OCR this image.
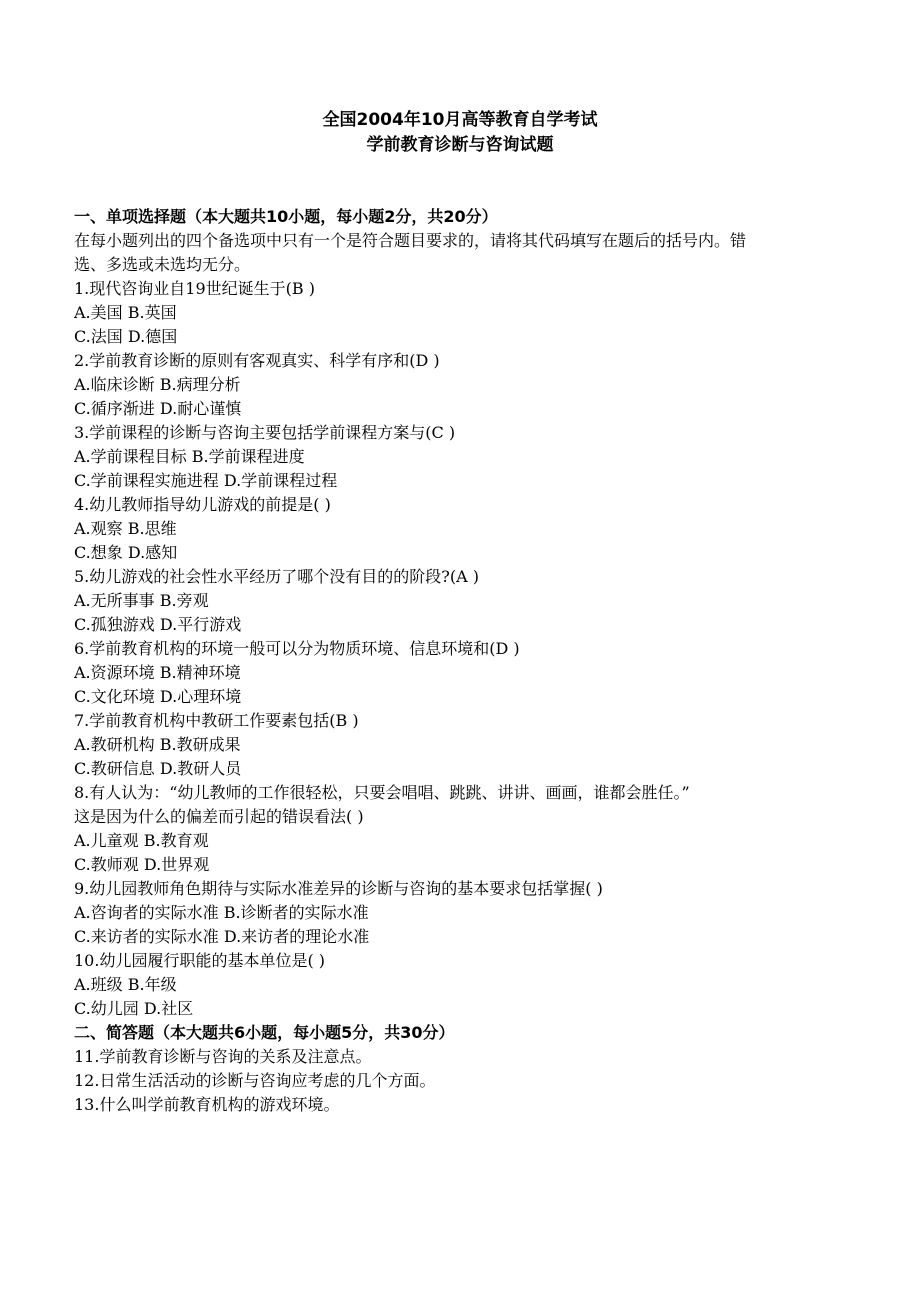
全国2004年10月高等教育自学考试
学前教育诊断与咨询试题
一、单项选择题（本大题共10小题，每小题2分，共20分）
在每小题列出的四个备选项中只有一个是符合题目要求的，请将其代码填写在题后的括号内。错
选、多选或未选均无分。
1.现代咨询业自19世纪诞生于(B )
A.美国 B.英国
C.法国 D.德国
2.学前教育诊断的原则有客观真实、科学有序和(D )
A.临床诊断 B.病理分析
C.循序渐进 D.耐心谨慎
3.学前课程的诊断与咨询主要包括学前课程方案与(C )
A.学前课程目标 B.学前课程进度
C.学前课程实施进程 D.学前课程过程
4.幼儿教师指导幼儿游戏的前提是( )
A.观察 B.思维
C.想象 D.感知
5.幼儿游戏的社会性水平经历了哪个没有目的的阶段?(A )
A.无所事事 B.旁观
C.孤独游戏 D.平行游戏
6.学前教育机构的环境一般可以分为物质环境、信息环境和(D )
A.资源环境 B.精神环境
C.文化环境 D.心理环境
7.学前教育机构中教研工作要素包括(B )
A.教研机构 B.教研成果
C.教研信息 D.教研人员
8.有人认为：“幼儿教师的工作很轻松，只要会唱唱、跳跳、讲讲、画画，谁都会胜任。”
这是因为什么的偏差而引起的错误看法( )
A.儿童观 B.教育观
C.教师观 D.世界观
9.幼儿园教师角色期待与实际水准差异的诊断与咨询的基本要求包括掌握( )
A.咨询者的实际水准 B.诊断者的实际水准
C.来访者的实际水准 D.来访者的理论水准
10.幼儿园履行职能的基本单位是( )
A.班级 B.年级
C.幼儿园 D.社区
二、简答题（本大题共6小题，每小题5分，共30分）
11.学前教育诊断与咨询的关系及注意点。
12.日常生活活动的诊断与咨询应考虑的几个方面。
13.什么叫学前教育机构的游戏环境。
